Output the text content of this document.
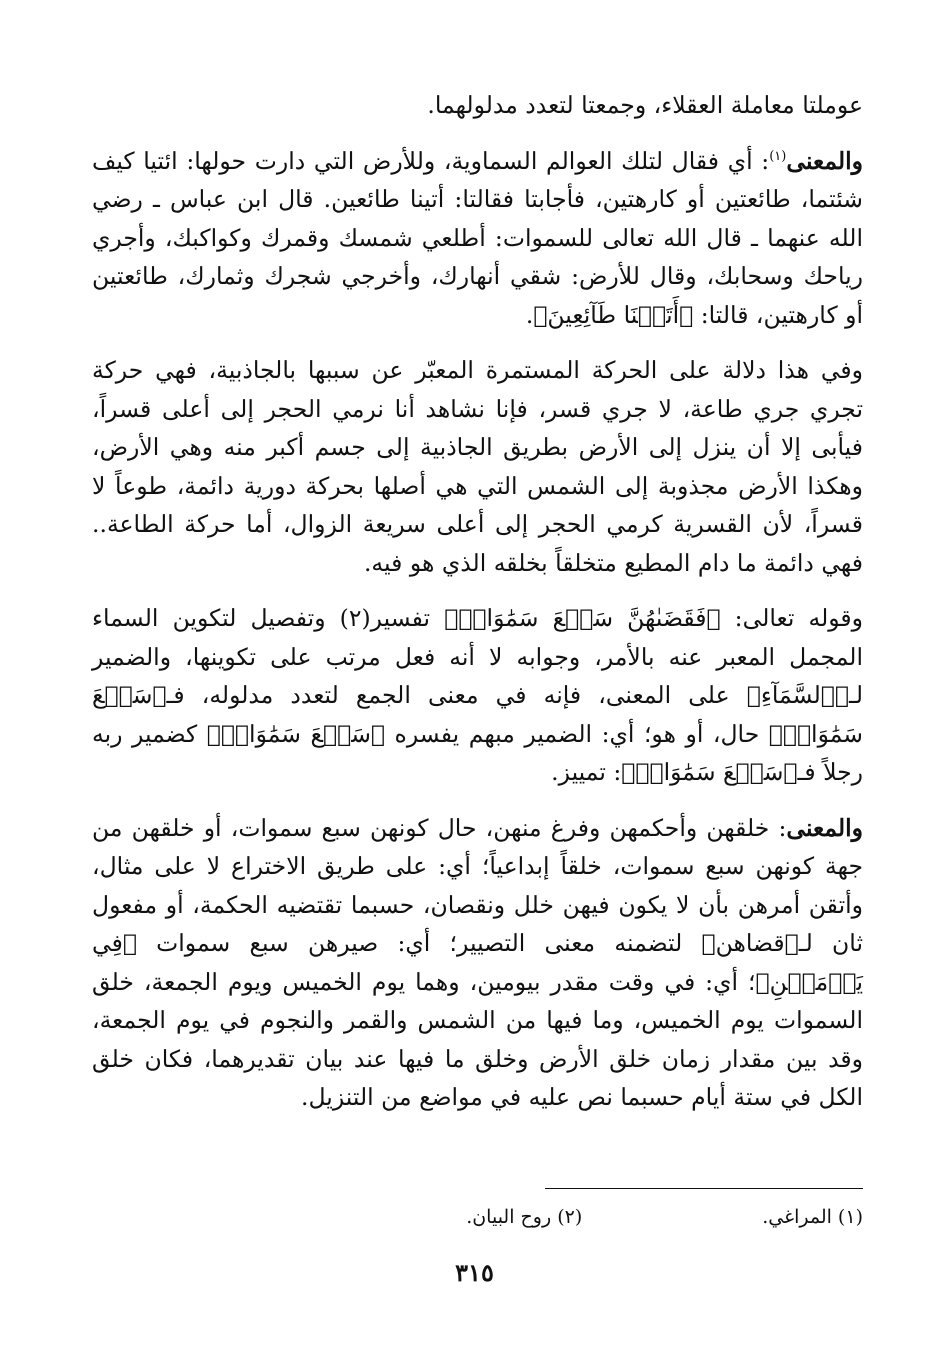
عوملتا معاملة العقلاء، وجمعتا لتعدد مدلولهما.

والمعنى$^{(١)}$: أي فقال لتلك العوالم السماوية، وللأرض التي دارت حولها: ائتيا كيف شئتما، طائعتين أو كارهتين، فأجابتا فقالتا: أتينا طائعين. قال ابن عباس ـ رضي الله عنهما ـ قال الله تعالى للسموات: أطلعي شمسك وقمرك وكواكبك، وأجري رياحك وسحابك، وقال للأرض: شقي أنهارك، وأخرجي شجرك وثمارك، طائعتين أو كارهتين، قالتا: ﴿أَتَيۡنَا طَآئِعِينَ﴾.

وفي هذا دلالة على الحركة المستمرة المعبّر عن سببها بالجاذبية، فهي حركة تجري جري طاعة، لا جري قسر، فإنا نشاهد أنا نرمي الحجر إلى أعلى قسراً، فيأبى إلا أن ينزل إلى الأرض بطريق الجاذبية إلى جسم أكبر منه وهي الأرض، وهكذا الأرض مجذوبة إلى الشمس التي هي أصلها بحركة دورية دائمة، طوعاً لا قسراً، لأن القسرية كرمي الحجر إلى أعلى سريعة الزوال، أما حركة الطاعة.. فهي دائمة ما دام المطيع متخلقاً بخلقه الذي هو فيه.

وقوله تعالى: ﴿فَقَضَىٰهُنَّ سَبۡعَ سَمَٰوَاتٖ﴾ تفسير(٢) وتفصيل لتكوين السماء المجمل المعبر عنه بالأمر، وجوابه لا أنه فعل مرتب على تكوينها، والضمير لـ﴿ٱلسَّمَآءِ﴾ على المعنى، فإنه في معنى الجمع لتعدد مدلوله، فـ﴿سَبۡعَ سَمَٰوَاتٖ﴾ حال، أو هو؛ أي: الضمير مبهم يفسره ﴿سَبۡعَ سَمَٰوَاتٖ﴾ كضمير ربه رجلاً فـ﴿سَبۡعَ سَمَٰوَاتٖ﴾: تمييز.

والمعنى: خلقهن وأحكمهن وفرغ منهن، حال كونهن سبع سموات، أو خلقهن من جهة كونهن سبع سموات، خلقاً إبداعياً؛ أي: على طريق الاختراع لا على مثال، وأتقن أمرهن بأن لا يكون فيهن خلل ونقصان، حسبما تقتضيه الحكمة، أو مفعول ثان لـ﴿قضاهن﴾ لتضمنه معنى التصيير؛ أي: صيرهن سبع سموات ﴿فِي يَوۡمَيۡنِ﴾؛ أي: في وقت مقدر بيومين، وهما يوم الخميس ويوم الجمعة، خلق السموات يوم الخميس، وما فيها من الشمس والقمر والنجوم في يوم الجمعة، وقد بين مقدار زمان خلق الأرض وخلق ما فيها عند بيان تقديرهما، فكان خلق الكل في ستة أيام حسبما نص عليه في مواضع من التنزيل.

(١) المراغي.
(٢) روح البيان.
٣١٥
